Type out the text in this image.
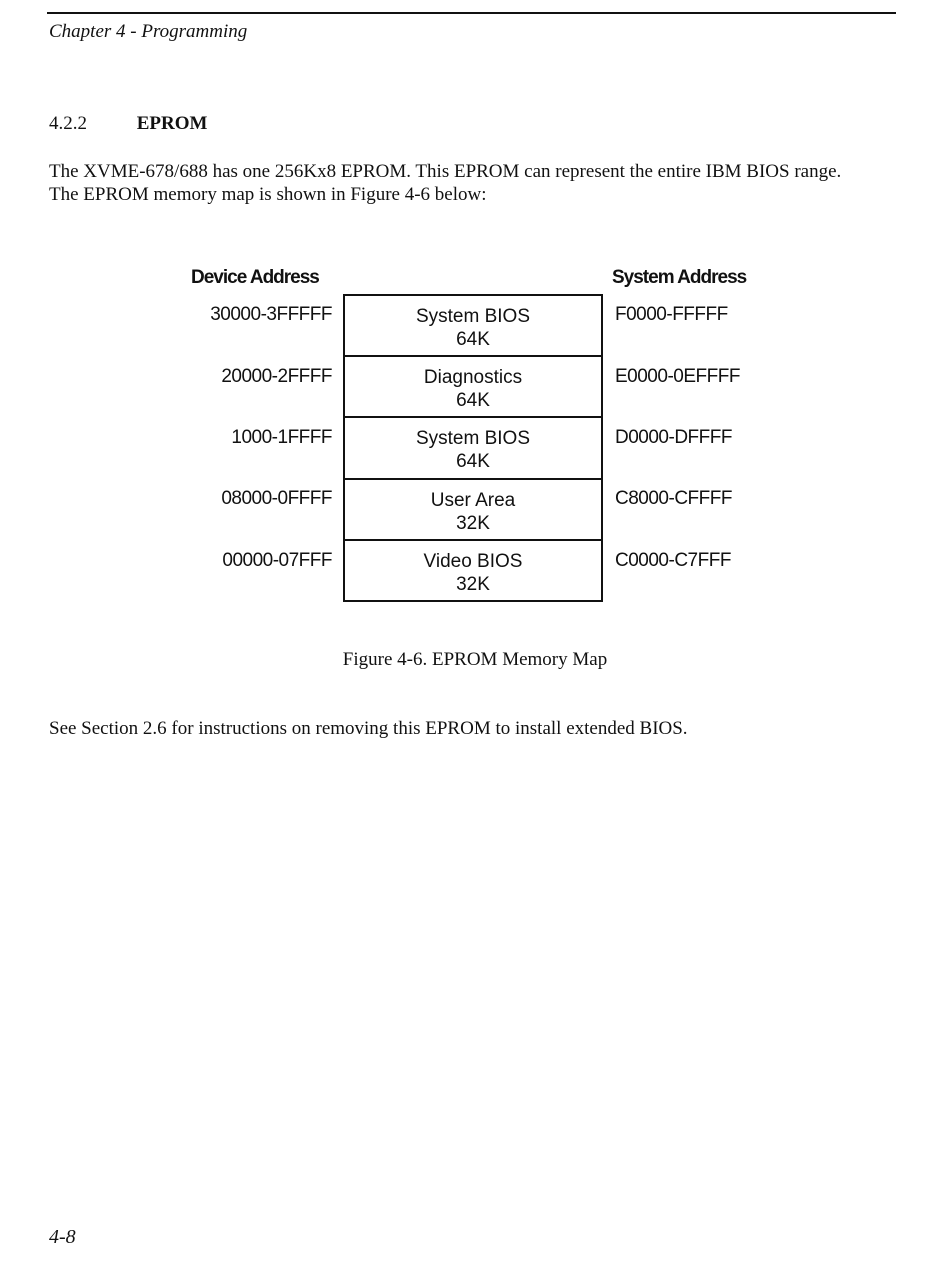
Chapter 4 - Programming
4.2.2	EPROM

The XVME-678/688 has one 256Kx8 EPROM. This EPROM can represent the entire IBM BIOS range.
The EPROM memory map is shown in Figure 4-6 below:

Device Address	System Address
30000-3FFFFF
20000-2FFFF
1000-1FFFF
08000-0FFFF
00000-07FFF
System BIOS
64K
Diagnostics
64K
System BIOS
64K
User Area
32K
Video BIOS
32K
F0000-FFFFF
E0000-0EFFFF
D0000-DFFFF
C8000-CFFFF
C0000-C7FFF
Figure 4-6. EPROM Memory Map

See Section 2.6 for instructions on removing this EPROM to install extended BIOS.

4-8
